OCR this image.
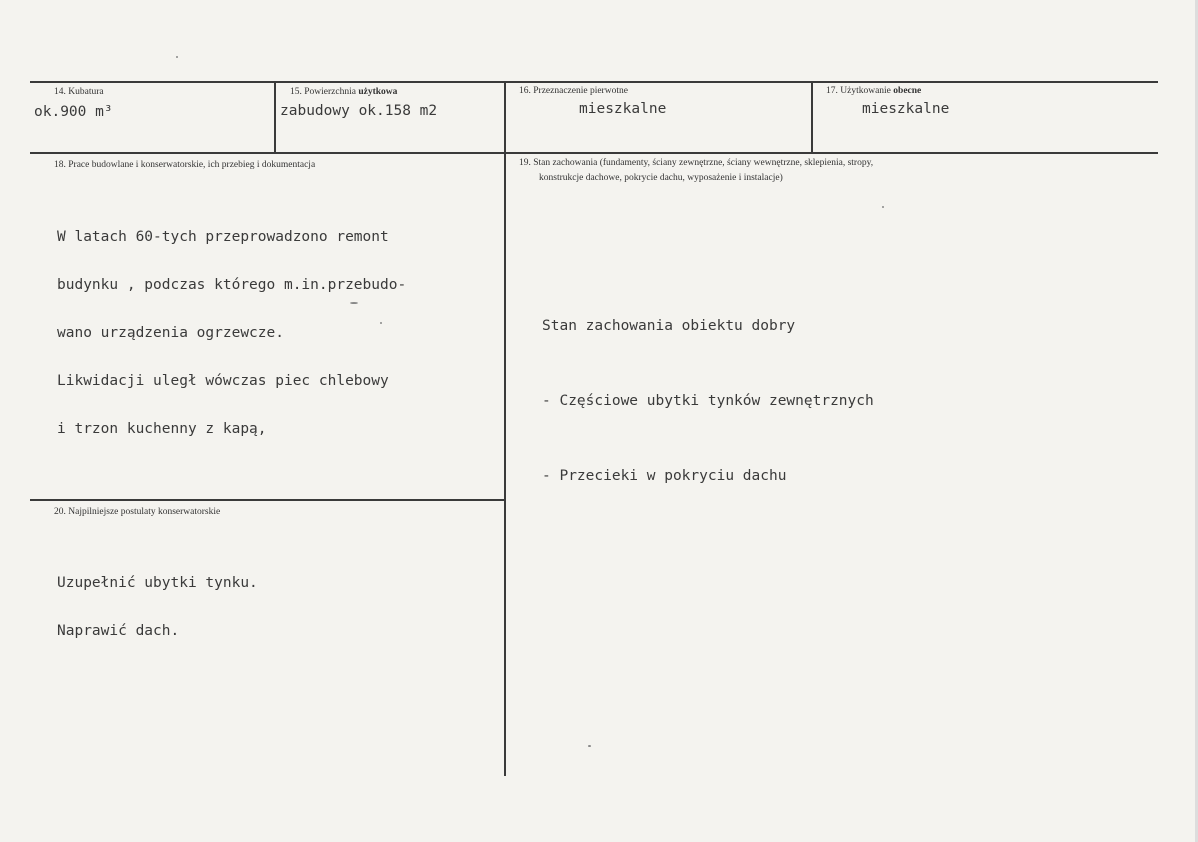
14. Kubatura
ok.900 m³
15. Powierzchnia użytkowa
zabudowy ok.158 m2
16. Przeznaczenie pierwotne
mieszkalne
17. Użytkowanie obecne
mieszkalne
18. Prace budowlane i konserwatorskie, ich przebieg i dokumentacja

W latach 60-tych przeprowadzono remont

budynku , podczas którego m.in.przebudo-

wano urządzenia ogrzewcze.

Likwidacji uległ wówczas piec chlebowy

i trzon kuchenny z kapą,

19. Stan zachowania (fundamenty, ściany zewnętrzne, ściany wewnętrzne, sklepienia, stropy,
konstrukcje dachowe, pokrycie dachu, wyposażenie i instalacje)

Stan zachowania obiektu dobry

- Częściowe ubytki tynków zewnętrznych

- Przecieki w pokryciu dachu

20. Najpilniejsze postulaty konserwatorskie

Uzupełnić ubytki tynku.

Naprawić dach.
